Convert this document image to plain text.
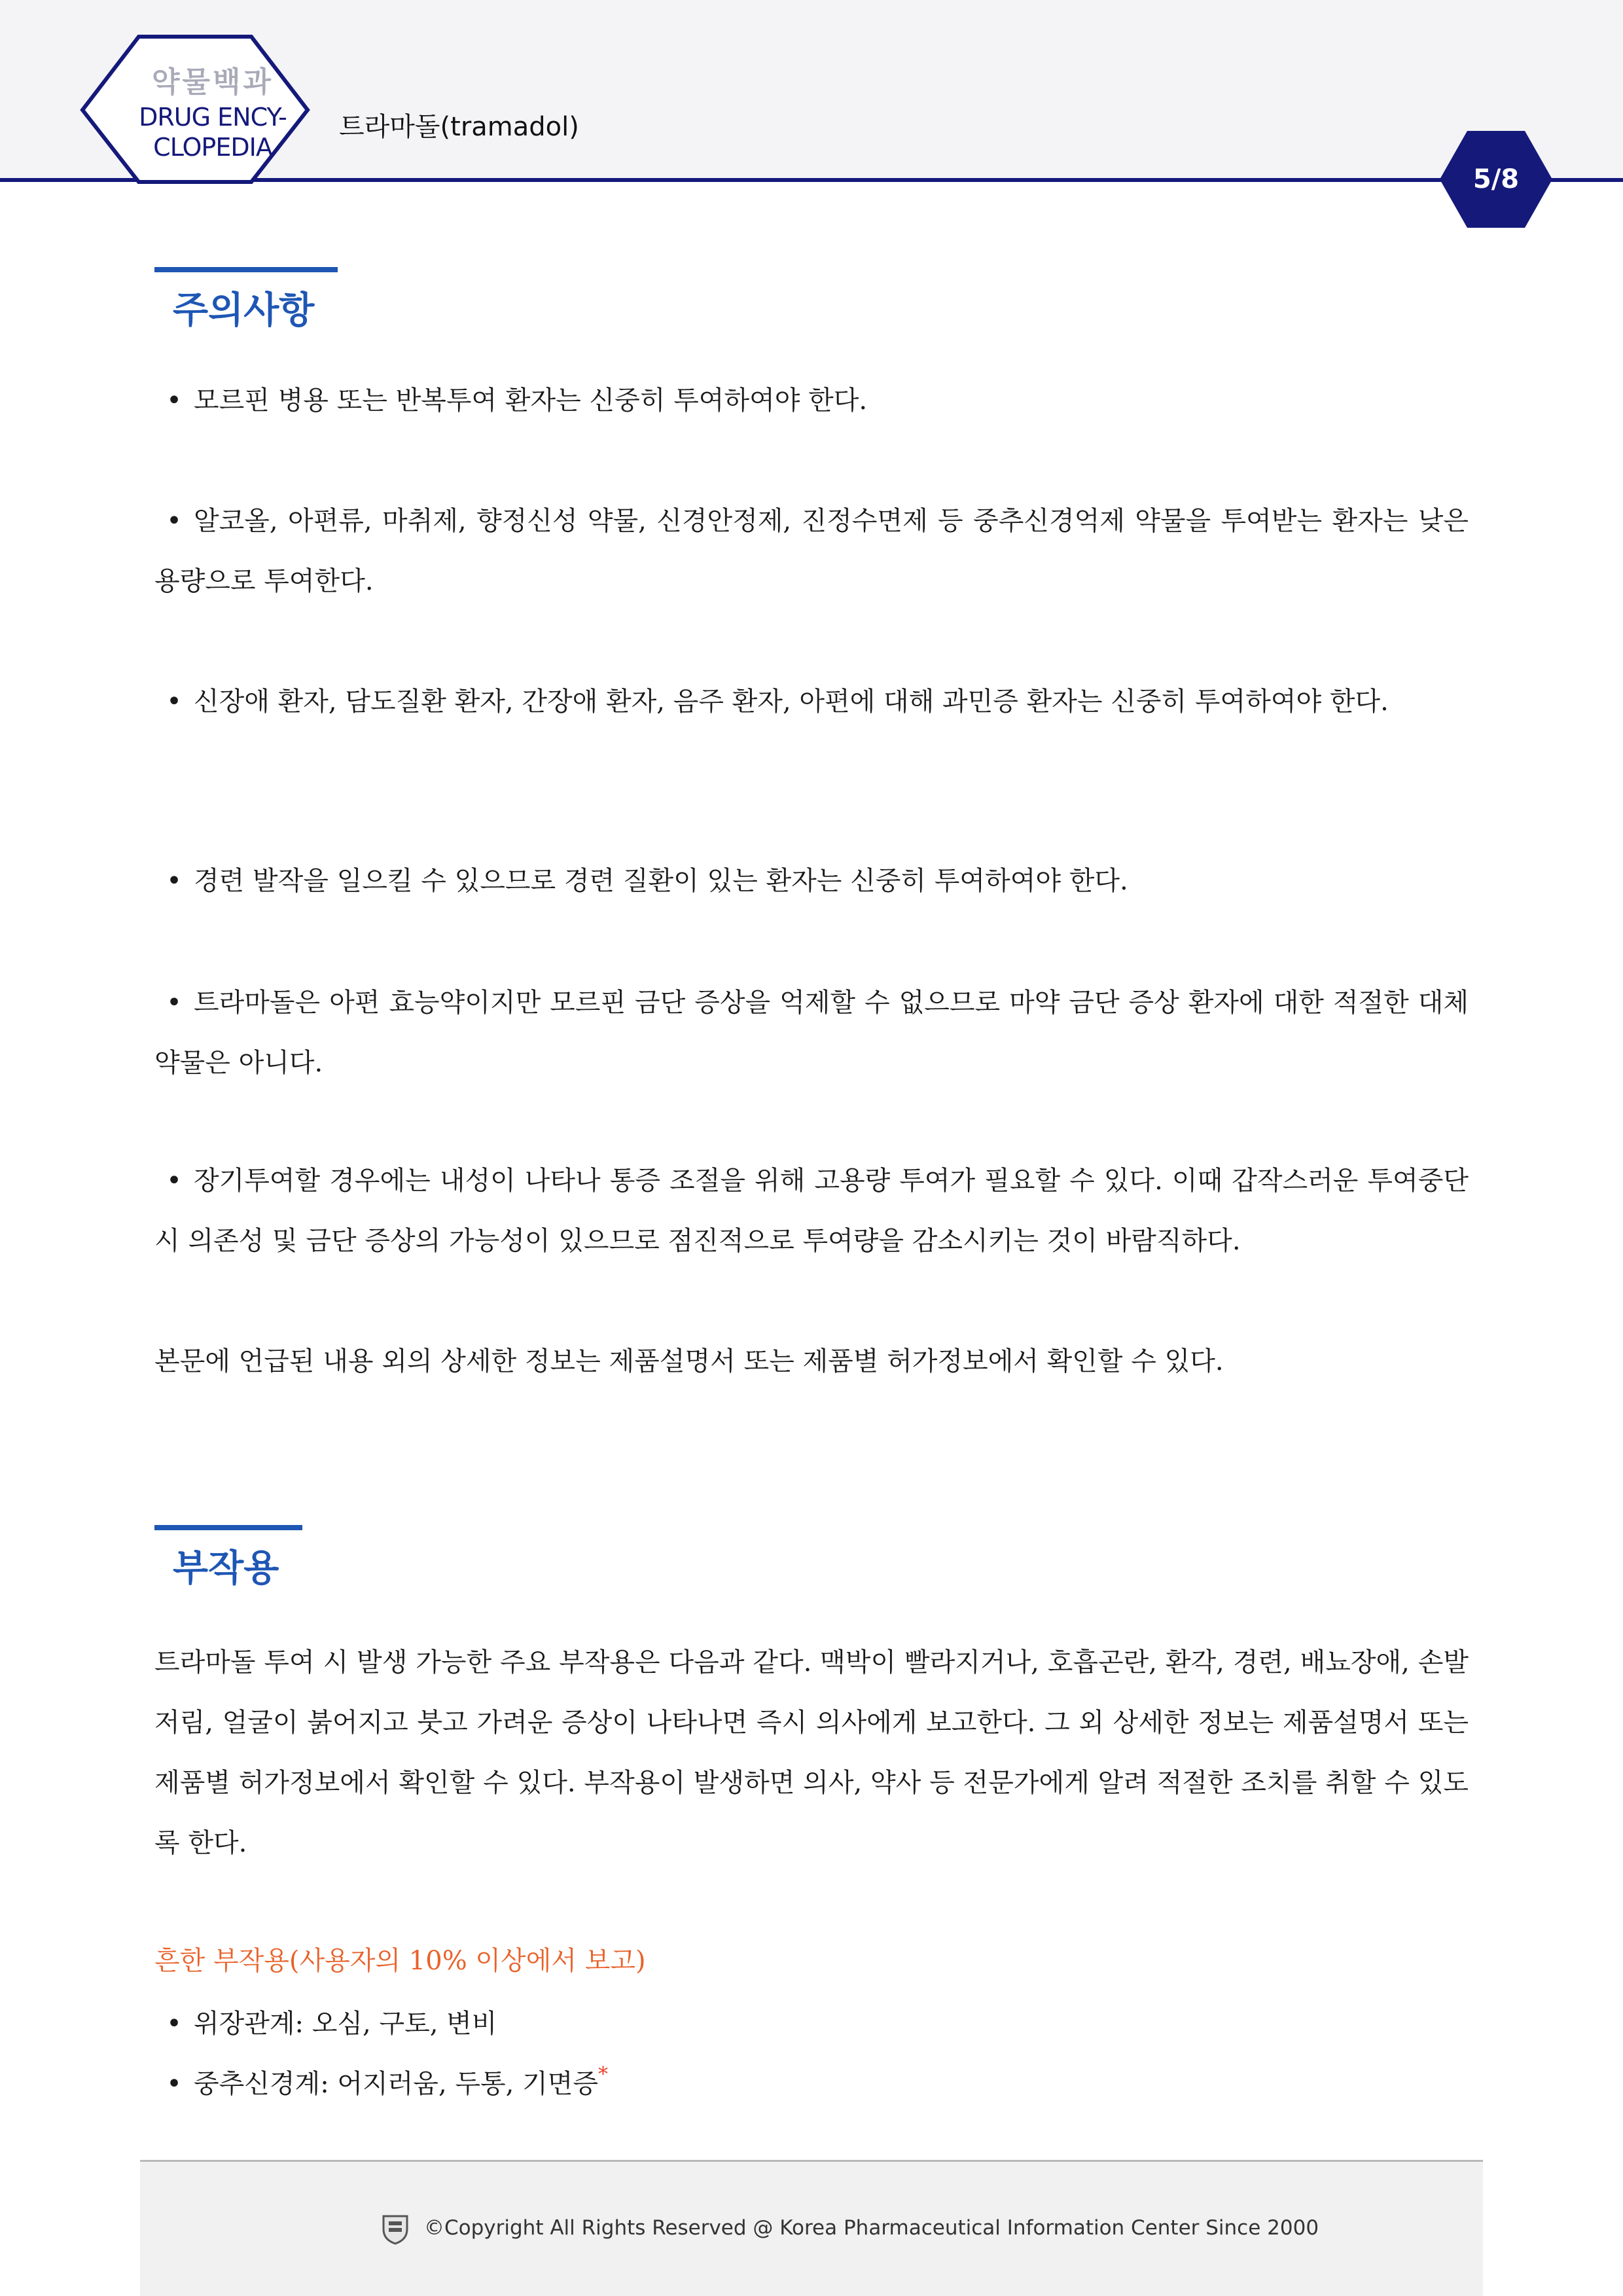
약물백과
DRUG ENCY-
CLOPEDIA
트라마돌(tramadol)
5/8
주의사항
• 모르핀 병용 또는 반복투여 환자는 신중히 투여하여야 한다.
• 알코올, 아편류, 마취제, 향정신성 약물, 신경안정제, 진정수면제 등 중추신경억제 약물을 투여받는 환자는 낮은 용량으로 투여한다.
• 신장애 환자, 담도질환 환자, 간장애 환자, 음주 환자, 아편에 대해 과민증 환자는 신중히 투여하여야 한다.
• 경련 발작을 일으킬 수 있으므로 경련 질환이 있는 환자는 신중히 투여하여야 한다.
• 트라마돌은 아편 효능약이지만 모르핀 금단 증상을 억제할 수 없으므로 마약 금단 증상 환자에 대한 적절한 대체약물은 아니다.
• 장기투여할 경우에는 내성이 나타나 통증 조절을 위해 고용량 투여가 필요할 수 있다. 이때 갑작스러운 투여중단 시 의존성 및 금단 증상의 가능성이 있으므로 점진적으로 투여량을 감소시키는 것이 바람직하다.
본문에 언급된 내용 외의 상세한 정보는 제품설명서 또는 제품별 허가정보에서 확인할 수 있다.
부작용
트라마돌 투여 시 발생 가능한 주요 부작용은 다음과 같다. 맥박이 빨라지거나, 호흡곤란, 환각, 경련, 배뇨장애, 손발 저림, 얼굴이 붉어지고 붓고 가려운 증상이 나타나면 즉시 의사에게 보고한다. 그 외 상세한 정보는 제품설명서 또는 제품별 허가정보에서 확인할 수 있다. 부작용이 발생하면 의사, 약사 등 전문가에게 알려 적절한 조치를 취할 수 있도록 한다.
흔한 부작용(사용자의 10% 이상에서 보고)
• 위장관계: 오심, 구토, 변비
• 중추신경계: 어지러움, 두통, 기면증*
©Copyright All Rights Reserved @ Korea Pharmaceutical Information Center Since 2000
